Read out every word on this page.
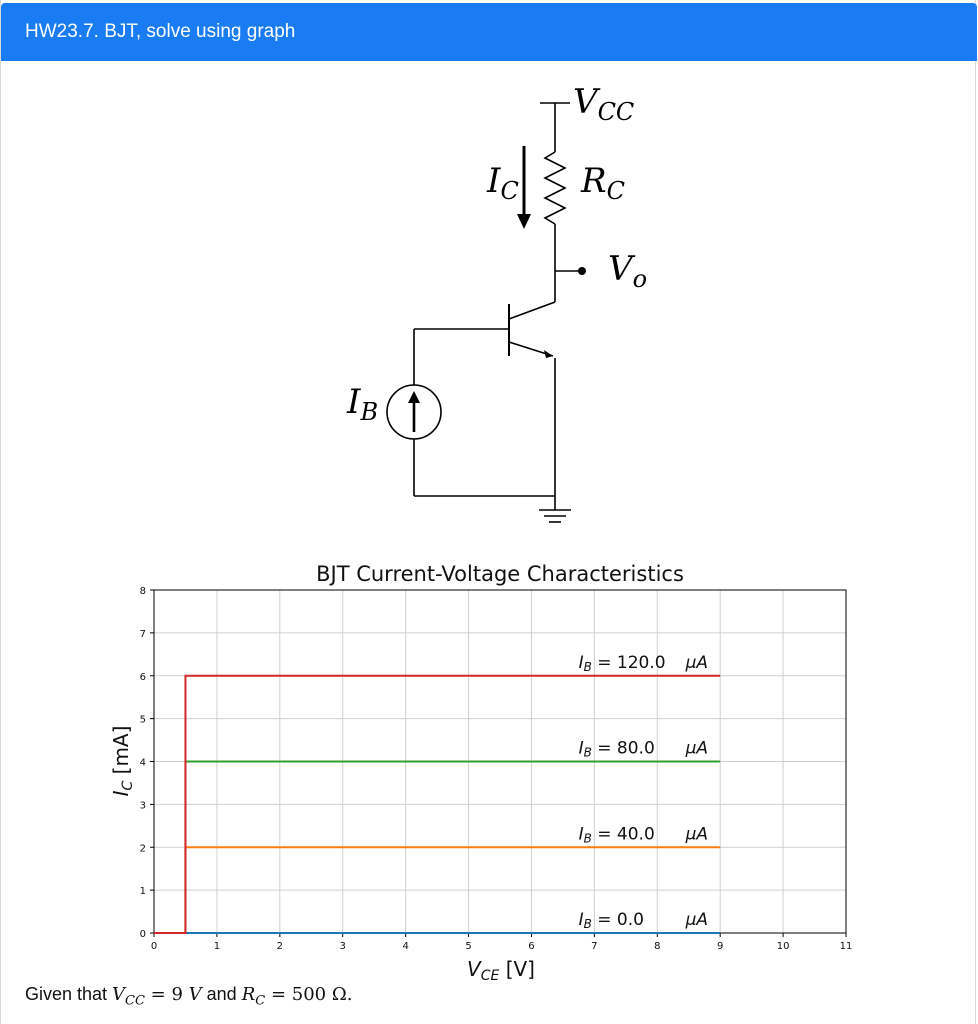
HW23.7. BJT, solve using graph
$V_{CC}$
$R_C$
$I_C$
$V_o$
$I_B$
BJT Current-Voltage Characteristics
0	1	2	3	4	5	6	7	8	9	10	11
0
1
2
3
4
5
6
7
8
IB = 0.0 μA
IB = 40.0 μA
IB = 80.0 μA
IB = 120.0 μA
$V_{CE}$ [V]
$I_C$ [mA]
Given that $V_{CC} = 9$ V and $R_C = 500$ Ω.
